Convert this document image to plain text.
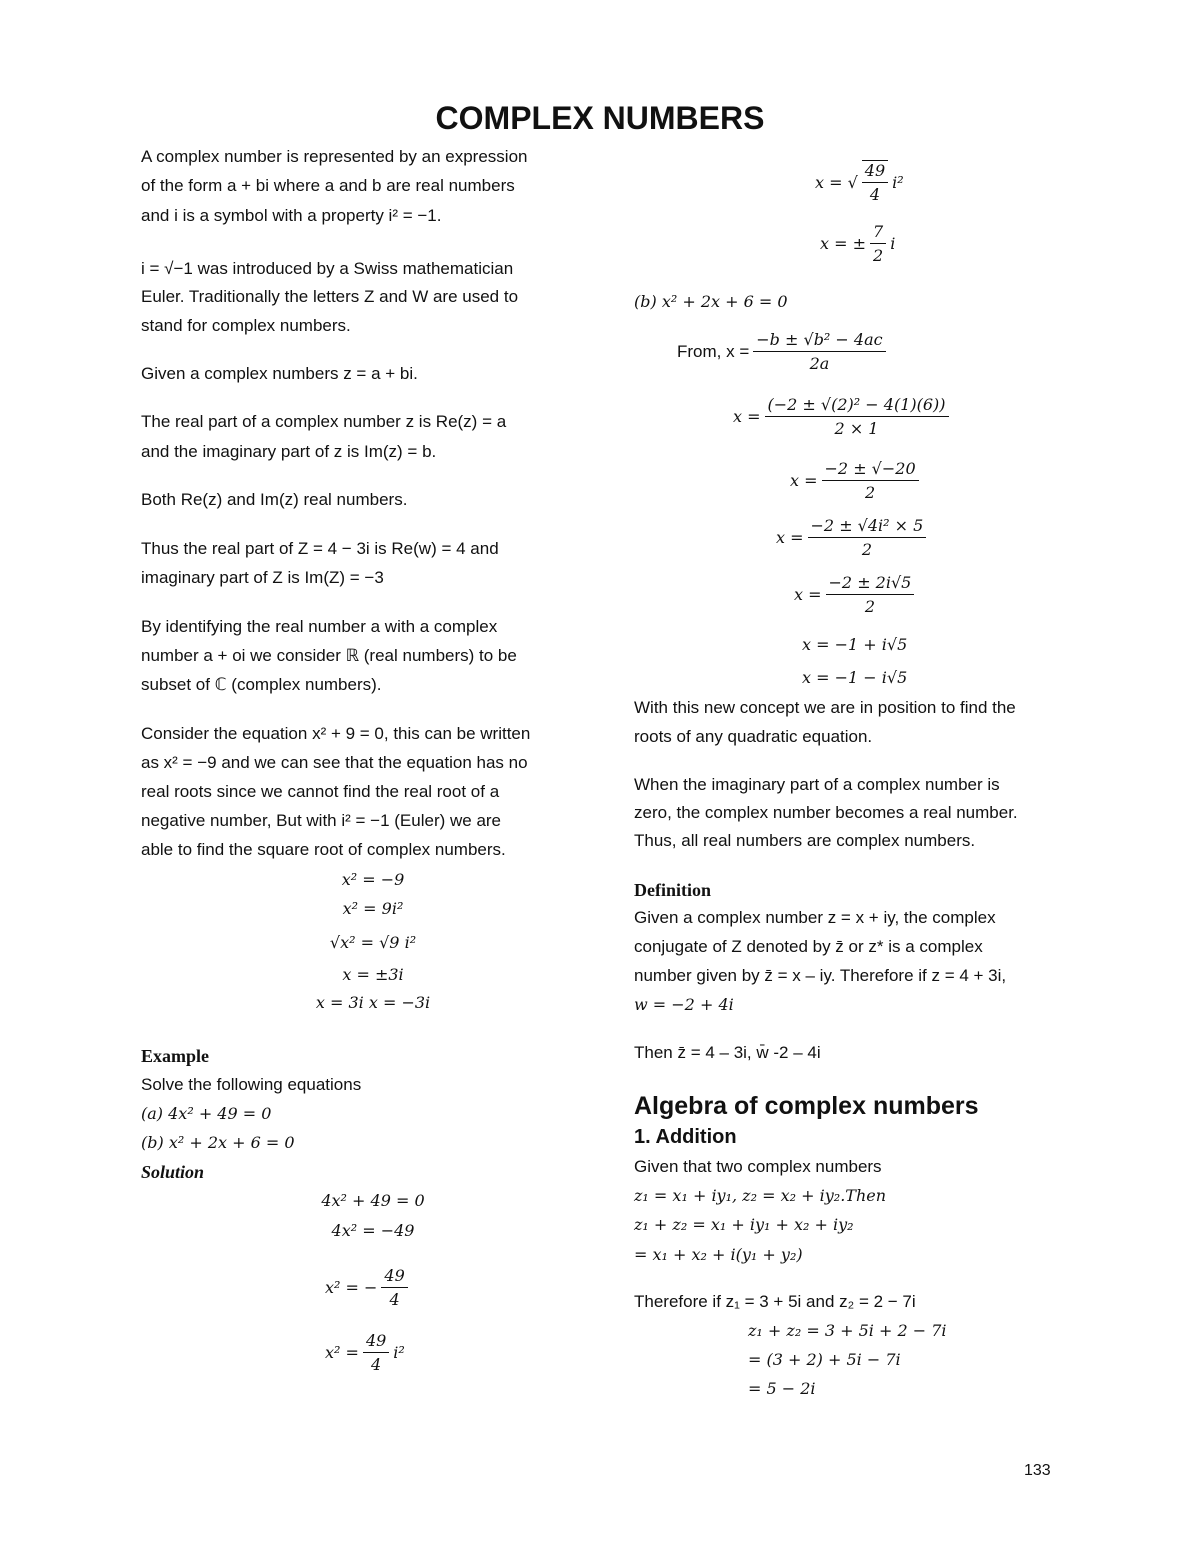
COMPLEX NUMBERS
A complex number is represented by an expression
of the form a + bi where a and b are real numbers
and i is a symbol with a property i² = −1.
i = √−1 was introduced by a Swiss mathematician
Euler. Traditionally the letters Z and W are used to
stand for complex numbers.
Given a complex numbers z = a + bi.
The real part of a complex number z is Re(z) = a
and the imaginary part of z is Im(z) = b.
Both Re(z) and Im(z) real numbers.
Thus the real part of Z = 4 − 3i is Re(w) = 4 and
imaginary part of Z is Im(Z) = −3
By identifying the real number a with a complex
number a + oi we consider ℝ (real numbers) to be
subset of ℂ (complex numbers).
Consider the equation x² + 9 = 0, this can be written
as x² = −9 and we can see that the equation has no
real roots since we cannot find the real root of a
negative number, But with i² = −1 (Euler) we are
able to find the square root of complex numbers.
x² = −9
x² = 9i²
√x² = √9 i²
x = ±3i
x = 3i x = −3i
Example
Solve the following equations
(a) 4x² + 49 = 0
(b) x² + 2x + 6 = 0
Solution
4x² + 49 = 0
4x² = −49
x² = − $\frac{49}{4}$
$x^2 = \frac{49}{4} i^2$
x = √ $\frac{49}{4} i^2$
x = ± $\frac{7}{2}$ i
(b) x² + 2x + 6 = 0
From, $x = \frac{\text{−b ± √b² − 4ac}}{2a}$
$x = \frac{\text{(−2 ± √(2)² − 4(1)(6))}}{2 \times 1}$
$x = \frac{-2 \pm √-20}{2}$
$x = \frac{\text{−2 ± √4i² × 5}}{2}$
$x = \frac{-2 \pm 2i√5}{2}$
x = −1 + i√5
x = −1 − i√5
With this new concept we are in position to find the
roots of any quadratic equation.
When the imaginary part of a complex number is
zero, the complex number becomes a real number.
Thus, all real numbers are complex numbers.
Definition
Given a complex number z = x + iy, the complex
conjugate of Z denoted by z̄ or z* is a complex
number given by z̄ = x – iy. Therefore if z = 4 + 3i,
w = −2 + 4i
Then z̄ = 4 – 3i, w̄ -2 – 4i
Algebra of complex numbers
1. Addition
Given that two complex numbers
z₁ = x₁ + iy₁, z₂ = x₂ + iy₂.Then
z₁ + z₂ = x₁ + iy₁ + x₂ + iy₂
= x₁ + x₂ + i(y₁ + y₂)
Therefore if z₁ = 3 + 5i and z₂ = 2 − 7i
z₁ + z₂ = 3 + 5i + 2 − 7i
= (3 + 2) + 5i − 7i
= 5 − 2i
133
